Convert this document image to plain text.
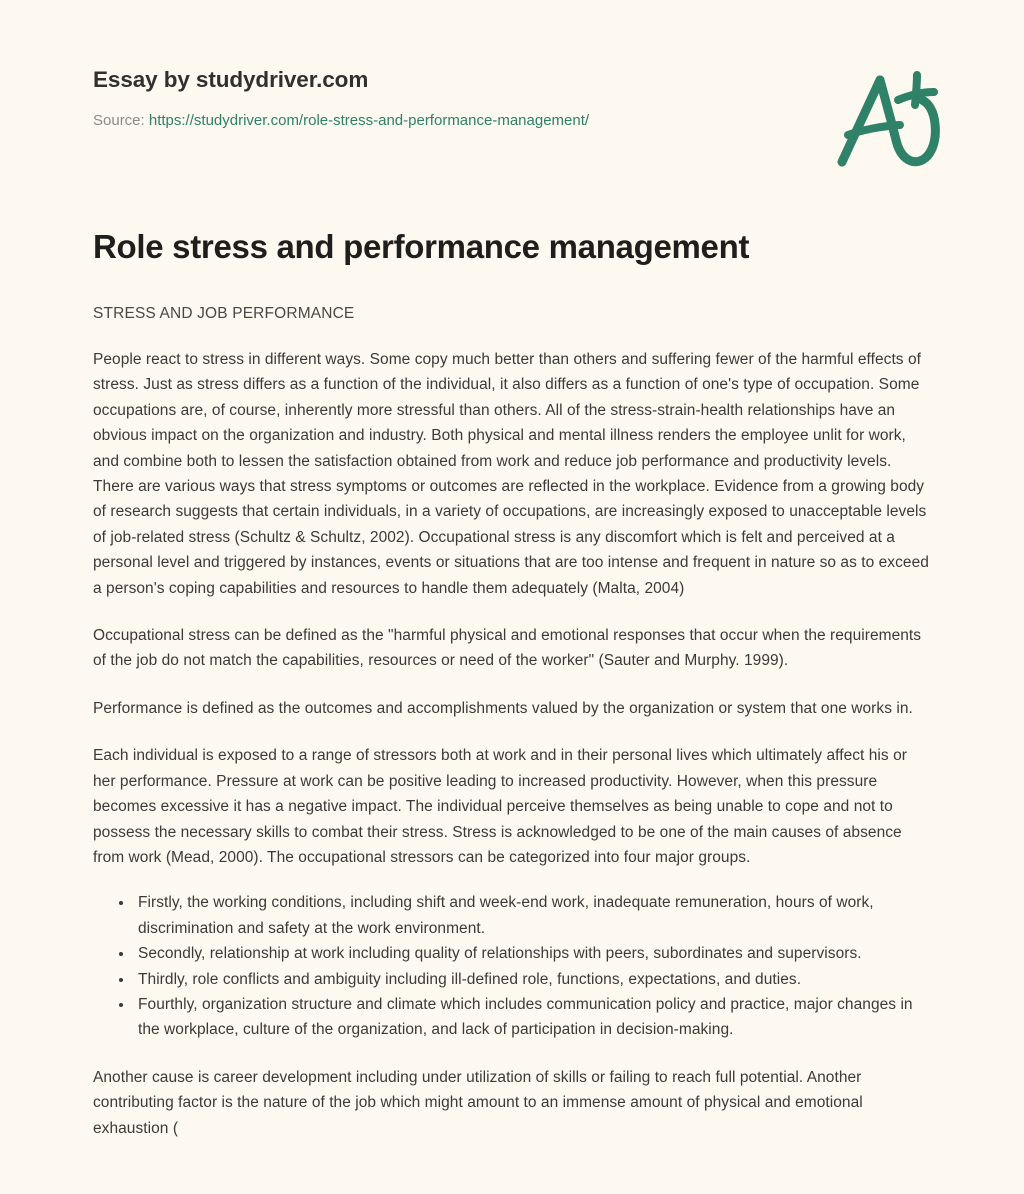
Essay by studydriver.com
Source: https://studydriver.com/role-stress-and-performance-management/
Role stress and performance management

STRESS AND JOB PERFORMANCE

People react to stress in different ways. Some copy much better than others and suffering fewer of the harmful effects of stress. Just as stress differs as a function of the individual, it also differs as a function of one's type of occupation. Some occupations are, of course, inherently more stressful than others. All of the stress-strain-health relationships have an obvious impact on the organization and industry. Both physical and mental illness renders the employee unlit for work, and combine both to lessen the satisfaction obtained from work and reduce job performance and productivity levels. There are various ways that stress symptoms or outcomes are reflected in the workplace. Evidence from a growing body of research suggests that certain individuals, in a variety of occupations, are increasingly exposed to unacceptable levels of job-related stress (Schultz & Schultz, 2002). Occupational stress is any discomfort which is felt and perceived at a personal level and triggered by instances, events or situations that are too intense and frequent in nature so as to exceed a person's coping capabilities and resources to handle them adequately (Malta, 2004)

Occupational stress can be defined as the "harmful physical and emotional responses that occur when the requirements of the job do not match the capabilities, resources or need of the worker" (Sauter and Murphy. 1999).

Performance is defined as the outcomes and accomplishments valued by the organization or system that one works in.

Each individual is exposed to a range of stressors both at work and in their personal lives which ultimately affect his or her performance. Pressure at work can be positive leading to increased productivity. However, when this pressure becomes excessive it has a negative impact. The individual perceive themselves as being unable to cope and not to possess the necessary skills to combat their stress. Stress is acknowledged to be one of the main causes of absence from work (Mead, 2000). The occupational stressors can be categorized into four major groups.

• Firstly, the working conditions, including shift and week-end work, inadequate remuneration, hours of work, discrimination and safety at the work environment.
• Secondly, relationship at work including quality of relationships with peers, subordinates and supervisors.
• Thirdly, role conflicts and ambiguity including ill-defined role, functions, expectations, and duties.
• Fourthly, organization structure and climate which includes communication policy and practice, major changes in the workplace, culture of the organization, and lack of participation in decision-making.

Another cause is career development including under utilization of skills or failing to reach full potential. Another contributing factor is the nature of the job which might amount to an immense amount of physical and emotional exhaustion (
